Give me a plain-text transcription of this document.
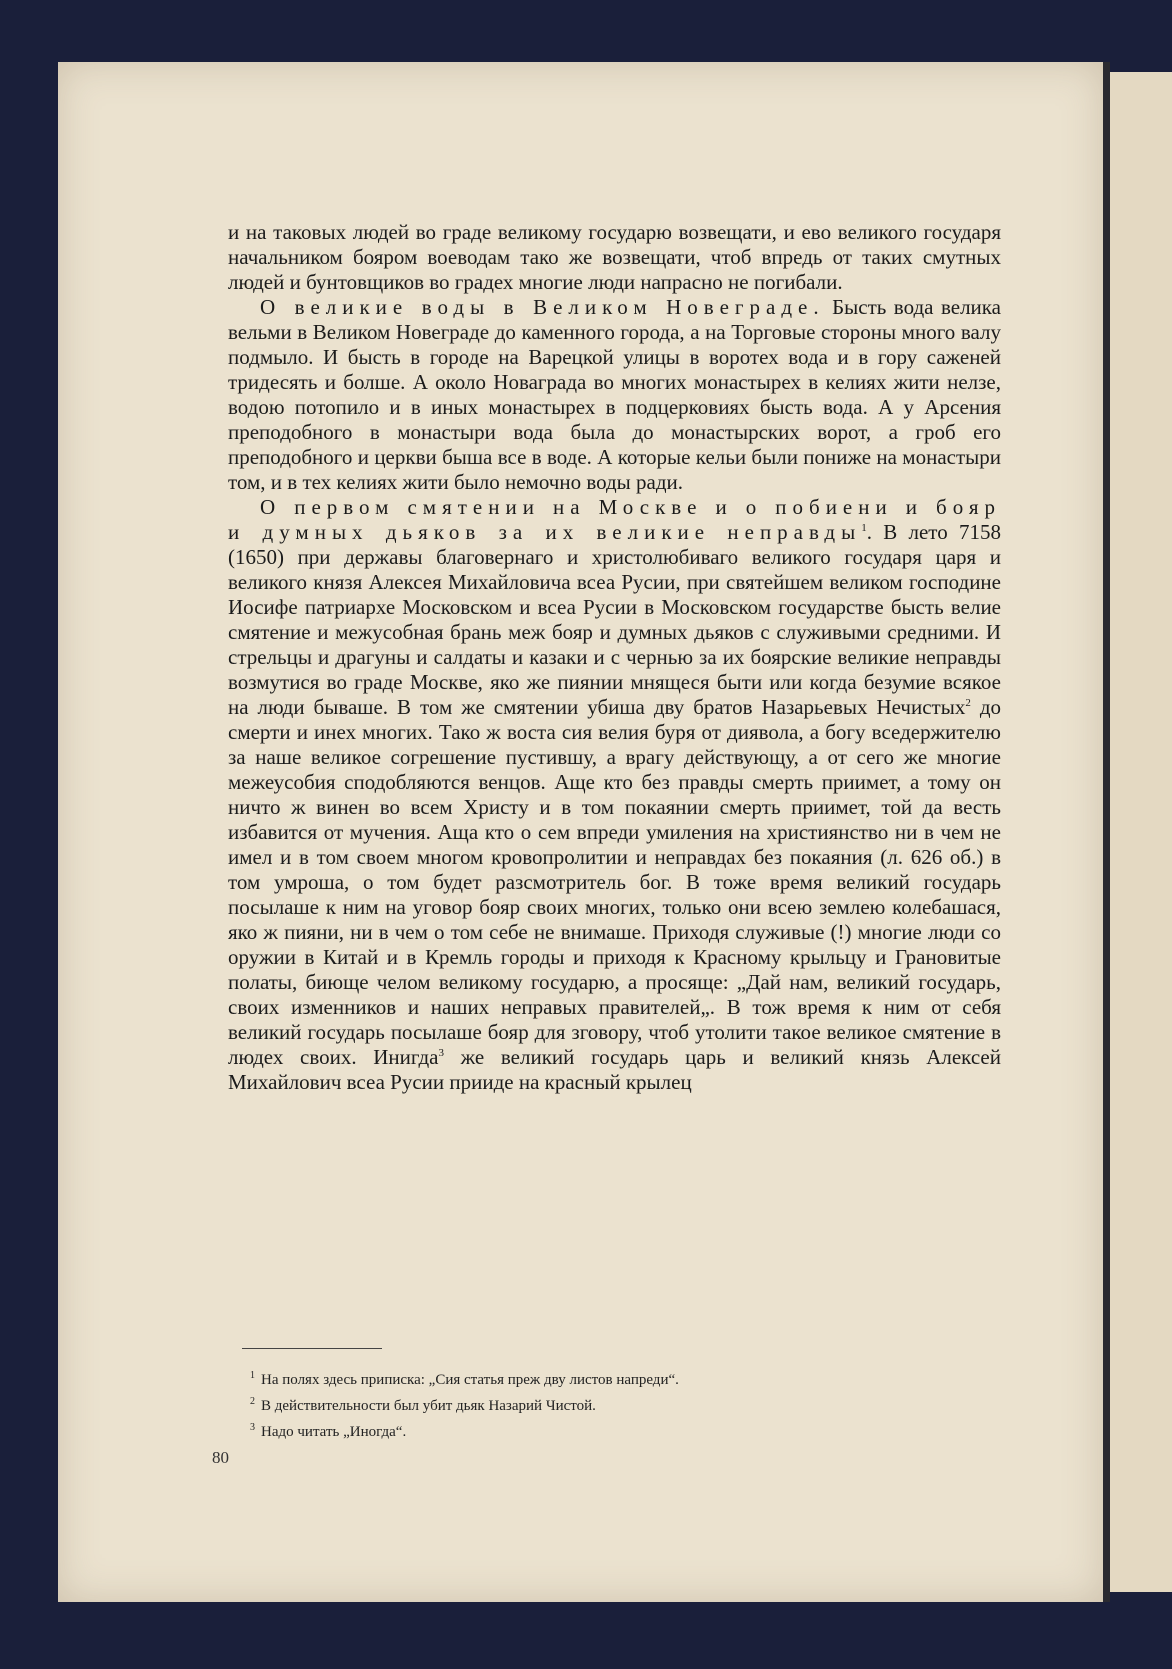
и на таковых людей во граде великому государю возвещати, и ево великого государя начальником бояром воеводам тако же возвещати, чтоб впредь от таких смутных людей и бунтовщиков во градех многие люди напрасно не погибали.

О великие воды в Великом Новеграде. Бысть вода велика вельми в Великом Новеграде до каменного города, а на Торговые стороны много валу подмыло. И бысть в городе на Варецкой улицы в воротех вода и в гору саженей тридесять и болше. А около Новаграда во многих монастырех в келиях жити нелзе, водою потопило и в иных монастырех в подцерковиях бысть вода. А у Арсения преподобного в монастыри вода была до монастырских ворот, а гроб его преподобного и церкви быша все в воде. А которые кельи были пониже на монастыри том, и в тех келиях жити было немочно воды ради.

О первом смятении на Москве и о побиени и бояр и думных дьяков за их великие неправды$^1$. В лето 7158 (1650) при державы благовернаго и христолюбиваго великого государя царя и великого князя Алексея Михайловича всеа Русии, при святейшем великом господине Иосифе патриархе Московском и всеа Русии в Московском государстве бысть велие смятение и межусобная брань меж бояр и думных дьяков с служивыми средними. И стрельцы и драгуны и салдаты и казаки и с чернью за их боярские великие неправды возмутися во граде Москве, яко же пиянии мнящеся быти или когда безумие всякое на люди бываше. В том же смятении убиша дву братов Назарьевых Нечистых$^2$ до смерти и инех многих. Тако ж воста сия велия буря от диявола, а богу вседержителю за наше великое согрешение пустившу, а врагу действующу, а от сего же многие межеусобия сподобляются венцов. Аще кто без правды смерть приимет, а тому он ничто ж винен во всем Христу и в том покаянии смерть приимет, той да весть избавится от мучения. Аща кто о сем впреди умиления на християнство ни в чем не имел и в том своем многом кровопролитии и неправдах без покаяния (л. 626 об.) в том умроша, о том будет разсмотритель бог. В тоже время великий государь посылаше к ним на уговор бояр своих многих, только они всею землею колебашася, яко ж пияни, ни в чем о том себе не внимаше. Приходя служивые (!) многие люди со оружии в Китай и в Кремль городы и приходя к Красному крыльцу и Грановитые полаты, биюще челом великому государю, а просяще: „Дай нам, великий государь, своих изменников и наших неправых правителей„. В тож время к ним от себя великий государь посылаше бояр для зговору, чтоб утолити такое великое смятение в людех своих. Инигда$^3$ же великий государь царь и великий князь Алексей Михайлович всеа Русии прииде на красный крылец

$^1$ На полях здесь приписка: „Сия статья преж дву листов напреди“.
$^2$ В действительности был убит дьяк Назарий Чистой.
$^3$ Надо читать „Иногда“.
80
